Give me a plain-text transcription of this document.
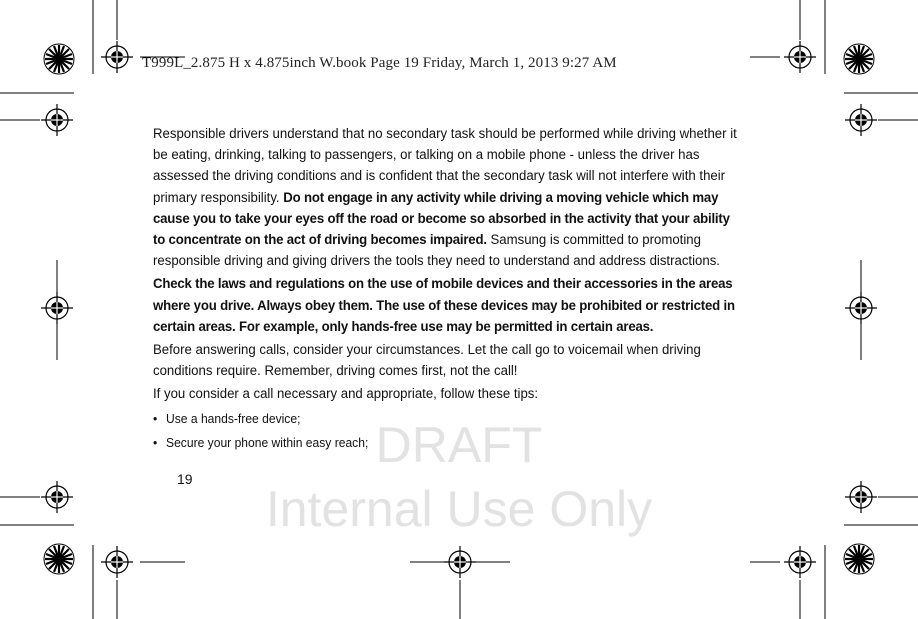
T999L_2.875 H x 4.875inch W.book Page 19 Friday, March 1, 2013 9:27 AM

Responsible drivers understand that no secondary task should be performed while driving whether it be eating, drinking, talking to passengers, or talking on a mobile phone - unless the driver has assessed the driving conditions and is confident that the secondary task will not interfere with their primary responsibility. Do not engage in any activity while driving a moving vehicle which may cause you to take your eyes off the road or become so absorbed in the activity that your ability to concentrate on the act of driving becomes impaired. Samsung is committed to promoting responsible driving and giving drivers the tools they need to understand and address distractions.

Check the laws and regulations on the use of mobile devices and their accessories in the areas where you drive. Always obey them. The use of these devices may be prohibited or restricted in certain areas. For example, only hands-free use may be permitted in certain areas.

Before answering calls, consider your circumstances. Let the call go to voicemail when driving conditions require. Remember, driving comes first, not the call!

If you consider a call necessary and appropriate, follow these tips:

• Use a hands-free device;

• Secure your phone within easy reach; DRAFT
Internal Use Only
19
